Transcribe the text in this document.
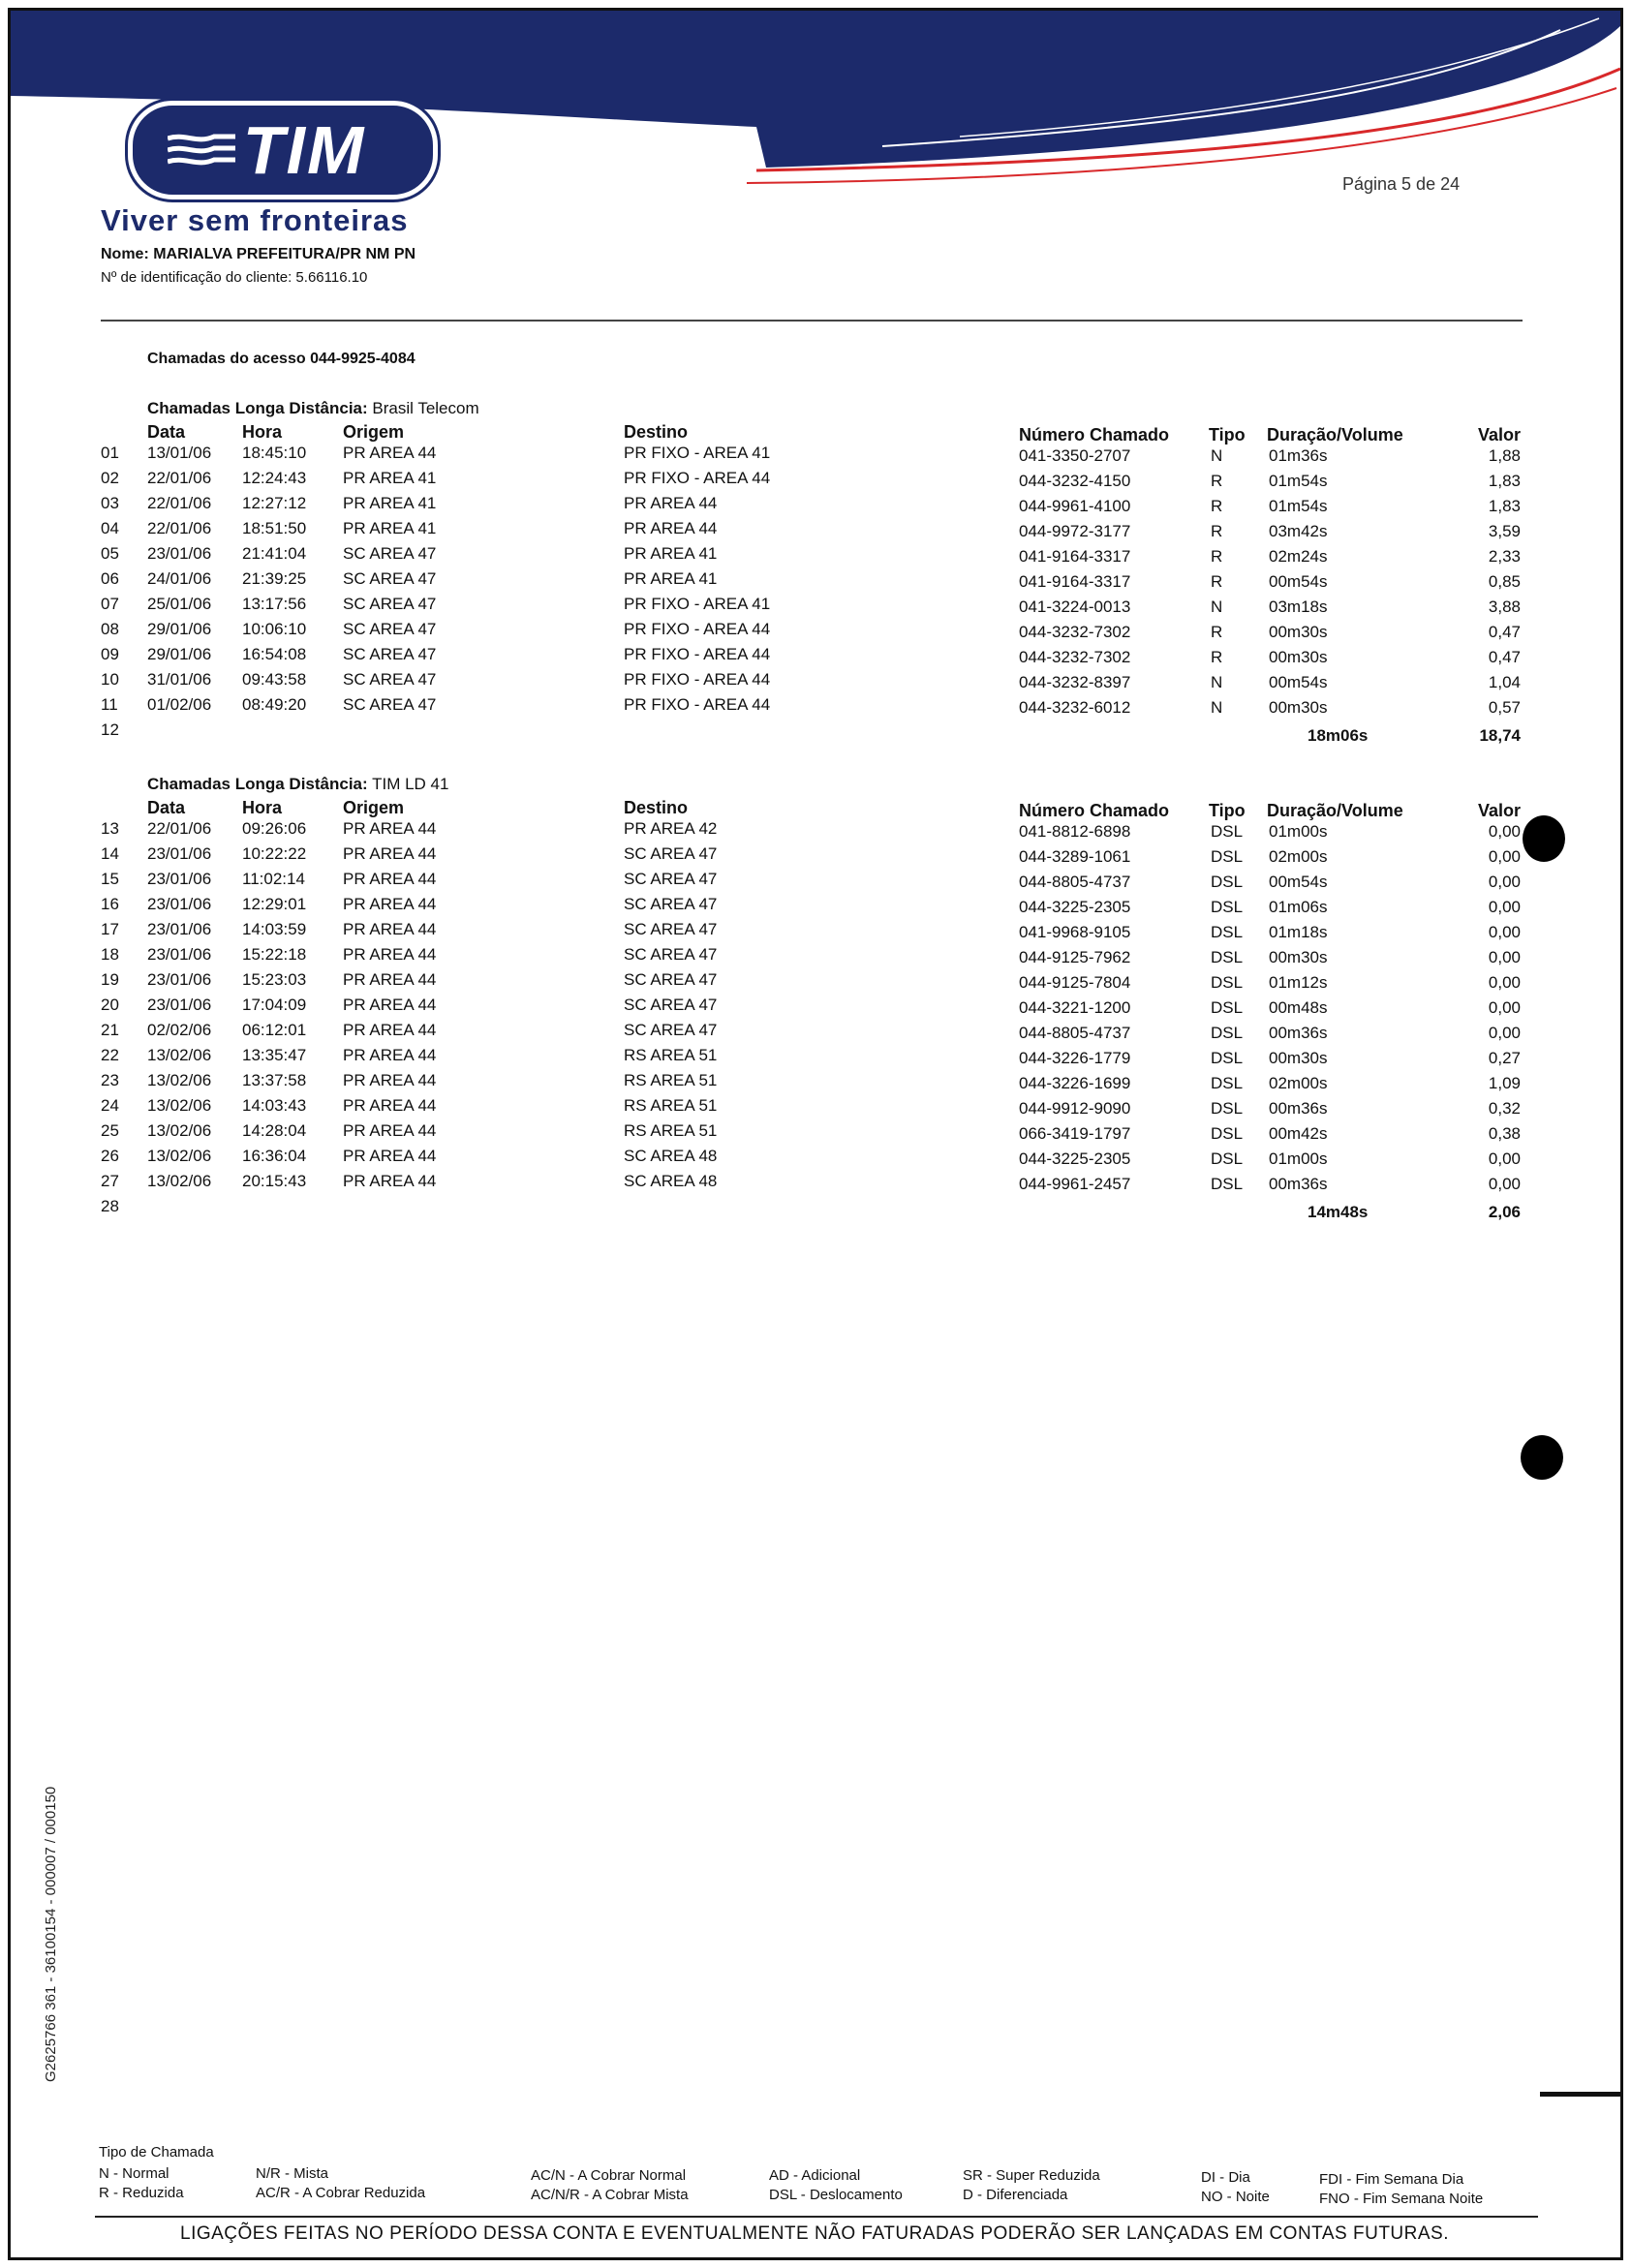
TIM
Viver sem fronteiras
Página 5 de 24
Nome: MARIALVA PREFEITURA/PR NM PN
Nº de identificação do cliente: 5.66116.10
Chamadas do acesso 044-9925-4084
Chamadas Longa Distância: Brasil Telecom
Data	Hora	Origem	Destino	Número Chamado Tipo Duração/Volume	Valor
01 13/01/06 18:45:10 PR AREA 44	PR FIXO - AREA 41	041-3350-2707	N	01m36s	1,88
02 22/01/06 12:24:43 PR AREA 41	PR FIXO - AREA 44	044-3232-4150	R	01m54s	1,83
03 22/01/06 12:27:12 PR AREA 41	PR AREA 44	044-9961-4100	R	01m54s	1,83
04 22/01/06 18:51:50 PR AREA 41	PR AREA 44	044-9972-3177	R	03m42s	3,59
05 23/01/06 21:41:04 SC AREA 47	PR AREA 41	041-9164-3317	R	02m24s	2,33
06 24/01/06 21:39:25 SC AREA 47	PR AREA 41	041-9164-3317	R	00m54s	0,85
07 25/01/06 13:17:56 SC AREA 47	PR FIXO - AREA 41	041-3224-0013	N	03m18s	3,88
08 29/01/06 10:06:10 SC AREA 47	PR FIXO - AREA 44	044-3232-7302	R	00m30s	0,47
09 29/01/06 16:54:08 SC AREA 47	PR FIXO - AREA 44	044-3232-7302	R	00m30s	0,47
10 31/01/06 09:43:58 SC AREA 47	PR FIXO - AREA 44	044-3232-8397	N	00m54s	1,04
11 01/02/06 08:49:20 SC AREA 47	PR FIXO - AREA 44	044-3232-6012	N	00m30s	0,57
12	18m06s	18,74
Chamadas Longa Distância: TIM LD 41
Data	Hora	Origem	Destino	Número Chamado Tipo Duração/Volume	Valor
13 22/01/06 09:26:06 PR AREA 44	PR AREA 42	041-8812-6898	DSL 01m00s	0,00
14 23/01/06 10:22:22 PR AREA 44	SC AREA 47	044-3289-1061	DSL 02m00s	0,00
15 23/01/06 11:02:14 PR AREA 44	SC AREA 47	044-8805-4737	DSL 00m54s	0,00
16 23/01/06 12:29:01 PR AREA 44	SC AREA 47	044-3225-2305	DSL 01m06s	0,00
17 23/01/06 14:03:59 PR AREA 44	SC AREA 47	041-9968-9105	DSL 01m18s	0,00
18 23/01/06 15:22:18 PR AREA 44	SC AREA 47	044-9125-7962	DSL 00m30s	0,00
19 23/01/06 15:23:03 PR AREA 44	SC AREA 47	044-9125-7804	DSL 01m12s	0,00
20 23/01/06 17:04:09 PR AREA 44	SC AREA 47	044-3221-1200	DSL 00m48s	0,00
21 02/02/06 06:12:01 PR AREA 44	SC AREA 47	044-8805-4737	DSL 00m36s	0,00
22 13/02/06 13:35:47 PR AREA 44	RS AREA 51	044-3226-1779	DSL 00m30s	0,27
23 13/02/06 13:37:58 PR AREA 44	RS AREA 51	044-3226-1699	DSL 02m00s	1,09
24 13/02/06 14:03:43 PR AREA 44	RS AREA 51	044-9912-9090	DSL 00m36s	0,32
25 13/02/06 14:28:04 PR AREA 44	RS AREA 51	066-3419-1797	DSL 00m42s	0,38
26 13/02/06 16:36:04 PR AREA 44	SC AREA 48	044-3225-2305	DSL 01m00s	0,00
27 13/02/06 20:15:43 PR AREA 44	SC AREA 48	044-9961-2457	DSL 00m36s	0,00
28	14m48s	2,06
G2625766 361 - 36100154 - 000007 / 000150
Tipo de Chamada
N - Normal
R - Reduzida
N/R - Mista
AC/R - A Cobrar Reduzida
AC/N - A Cobrar Normal
AC/N/R - A Cobrar Mista
AD - Adicional
DSL - Deslocamento
SR - Super Reduzida
D - Diferenciada
DI - Dia
NO - Noite
FDI - Fim Semana Dia
FNO - Fim Semana Noite
LIGAÇÕES FEITAS NO PERÍODO DESSA CONTA E EVENTUALMENTE NÃO FATURADAS PODERÃO SER LANÇADAS EM CONTAS FUTURAS.
